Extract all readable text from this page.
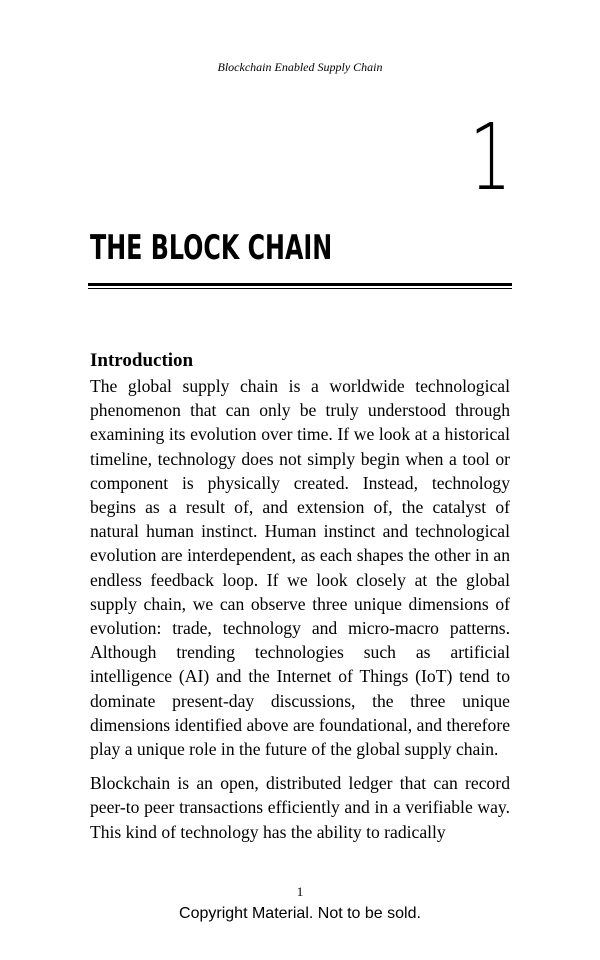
Blockchain Enabled Supply Chain
1
THE BLOCK CHAIN
Introduction

The global supply chain is a worldwide technological phenomenon that can only be truly understood through examining its evolution over time. If we look at a historical timeline, technology does not simply begin when a tool or component is physically created. Instead, technology begins as a result of, and extension of, the catalyst of natural human instinct. Human instinct and technological evolution are interdependent, as each shapes the other in an endless feedback loop. If we look closely at the global supply chain, we can observe three unique dimensions of evolution: trade, technology and micro-macro patterns. Although trending technologies such as artificial intelligence (AI) and the Internet of Things (IoT) tend to dominate present-day discussions, the three unique dimensions identified above are foundational, and therefore play a unique role in the future of the global supply chain.

Blockchain is an open, distributed ledger that can record peer-to peer transactions efficiently and in a verifiable way. This kind of technology has the ability to radically

1
Copyright Material. Not to be sold.
